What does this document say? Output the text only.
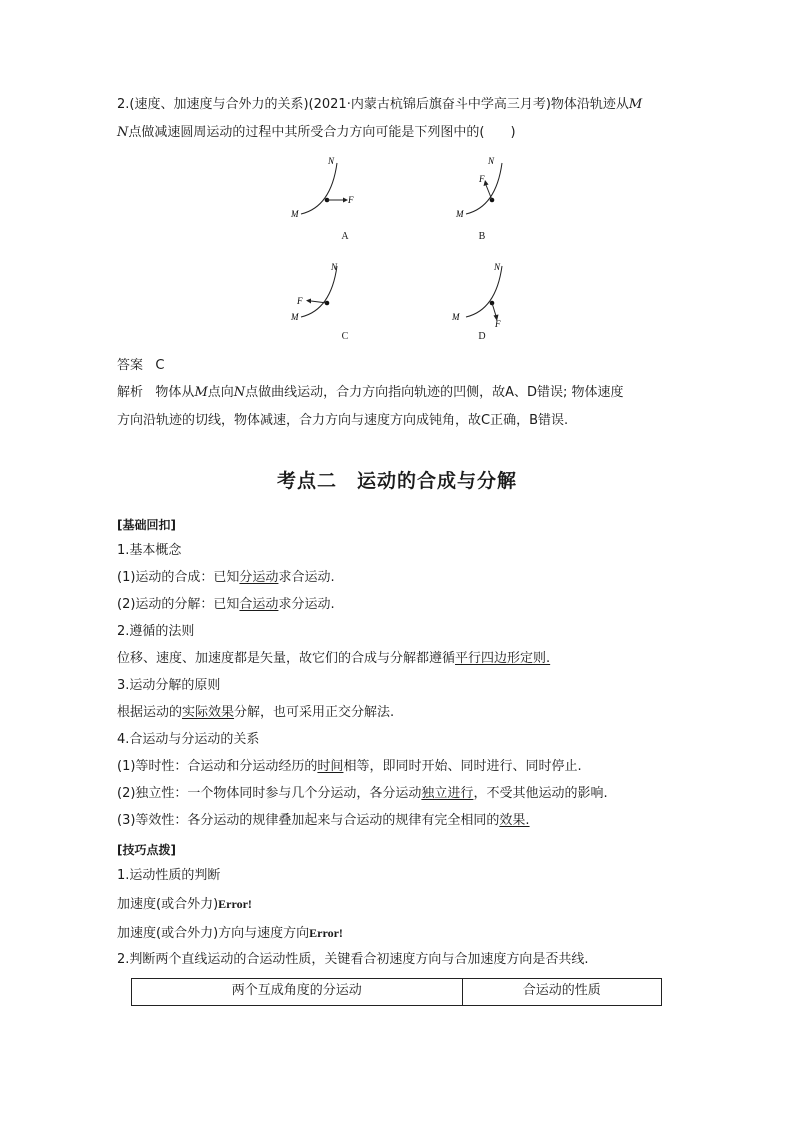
2.(速度、加速度与合外力的关系)(2021·内蒙古杭锦后旗奋斗中学高三月考)物体沿轨迹从M
N点做减速圆周运动的过程中其所受合力方向可能是下列图中的(　　)
N
M
F
A
N
M
F
B
N
M
F
C
N
M
F
D
答案 C
解析 物体从M点向N点做曲线运动，合力方向指向轨迹的凹侧，故A、D错误; 物体速度
方向沿轨迹的切线，物体减速，合力方向与速度方向成钝角，故C正确，B错误.
考点二　运动的合成与分解
[基础回扣]
1.基本概念
(1)运动的合成：已知分运动求合运动.
(2)运动的分解：已知合运动求分运动.
2.遵循的法则
位移、速度、加速度都是矢量，故它们的合成与分解都遵循平行四边形定则.
3.运动分解的原则
根据运动的实际效果分解，也可采用正交分解法.
4.合运动与分运动的关系
(1)等时性：合运动和分运动经历的时间相等，即同时开始、同时进行、同时停止.
(2)独立性：一个物体同时参与几个分运动，各分运动独立进行，不受其他运动的影响.
(3)等效性：各分运动的规律叠加起来与合运动的规律有完全相同的效果.
[技巧点拨]
1.运动性质的判断
加速度(或合外力)Error!
加速度(或合外力)方向与速度方向Error!
2.判断两个直线运动的合运动性质，关键看合初速度方向与合加速度方向是否共线.
两个互成角度的分运动	合运动的性质
